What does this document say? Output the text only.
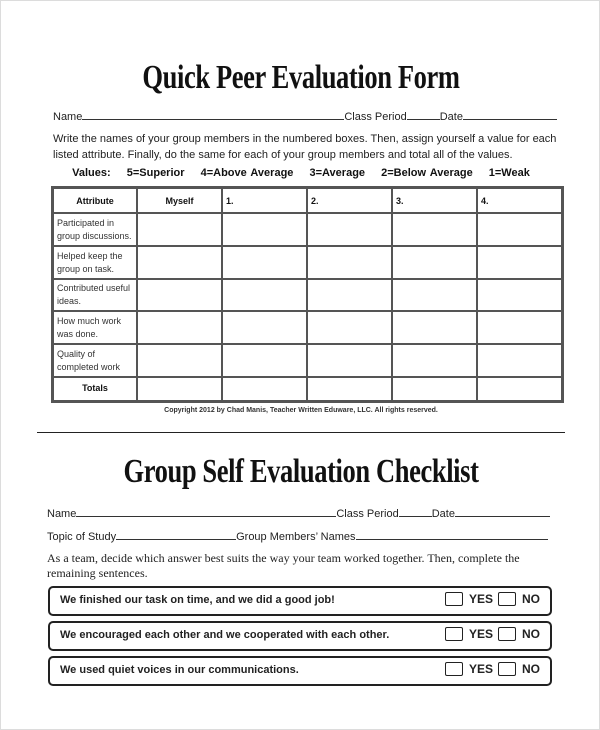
Quick Peer Evaluation Form
Name	Class Period	Date
Write the names of your group members in the numbered boxes. Then, assign yourself a value for each
listed attribute. Finally, do the same for each of your group members and total all of the values.
Values: 5=Superior 4=Above Average 3=Average 2=Below Average 1=Weak
Attribute	Myself	1.	2.	3.	4.
Participated in group discussions.					
Helped keep the group on task.					
Contributed useful ideas.					
How much work was done.					
Quality of completed work					
Totals					
Copyright 2012 by Chad Manis, Teacher Written Eduware, LLC. All rights reserved.
Group Self Evaluation Checklist
Name	Class Period	Date
Topic of Study	Group Members’ Names
As a team, decide which answer best suits the way your team worked together. Then, complete the remaining sentences.
We finished our task on time, and we did a good job!	YES NO
We encouraged each other and we cooperated with each other.	YES NO
We used quiet voices in our communications.	YES NO
